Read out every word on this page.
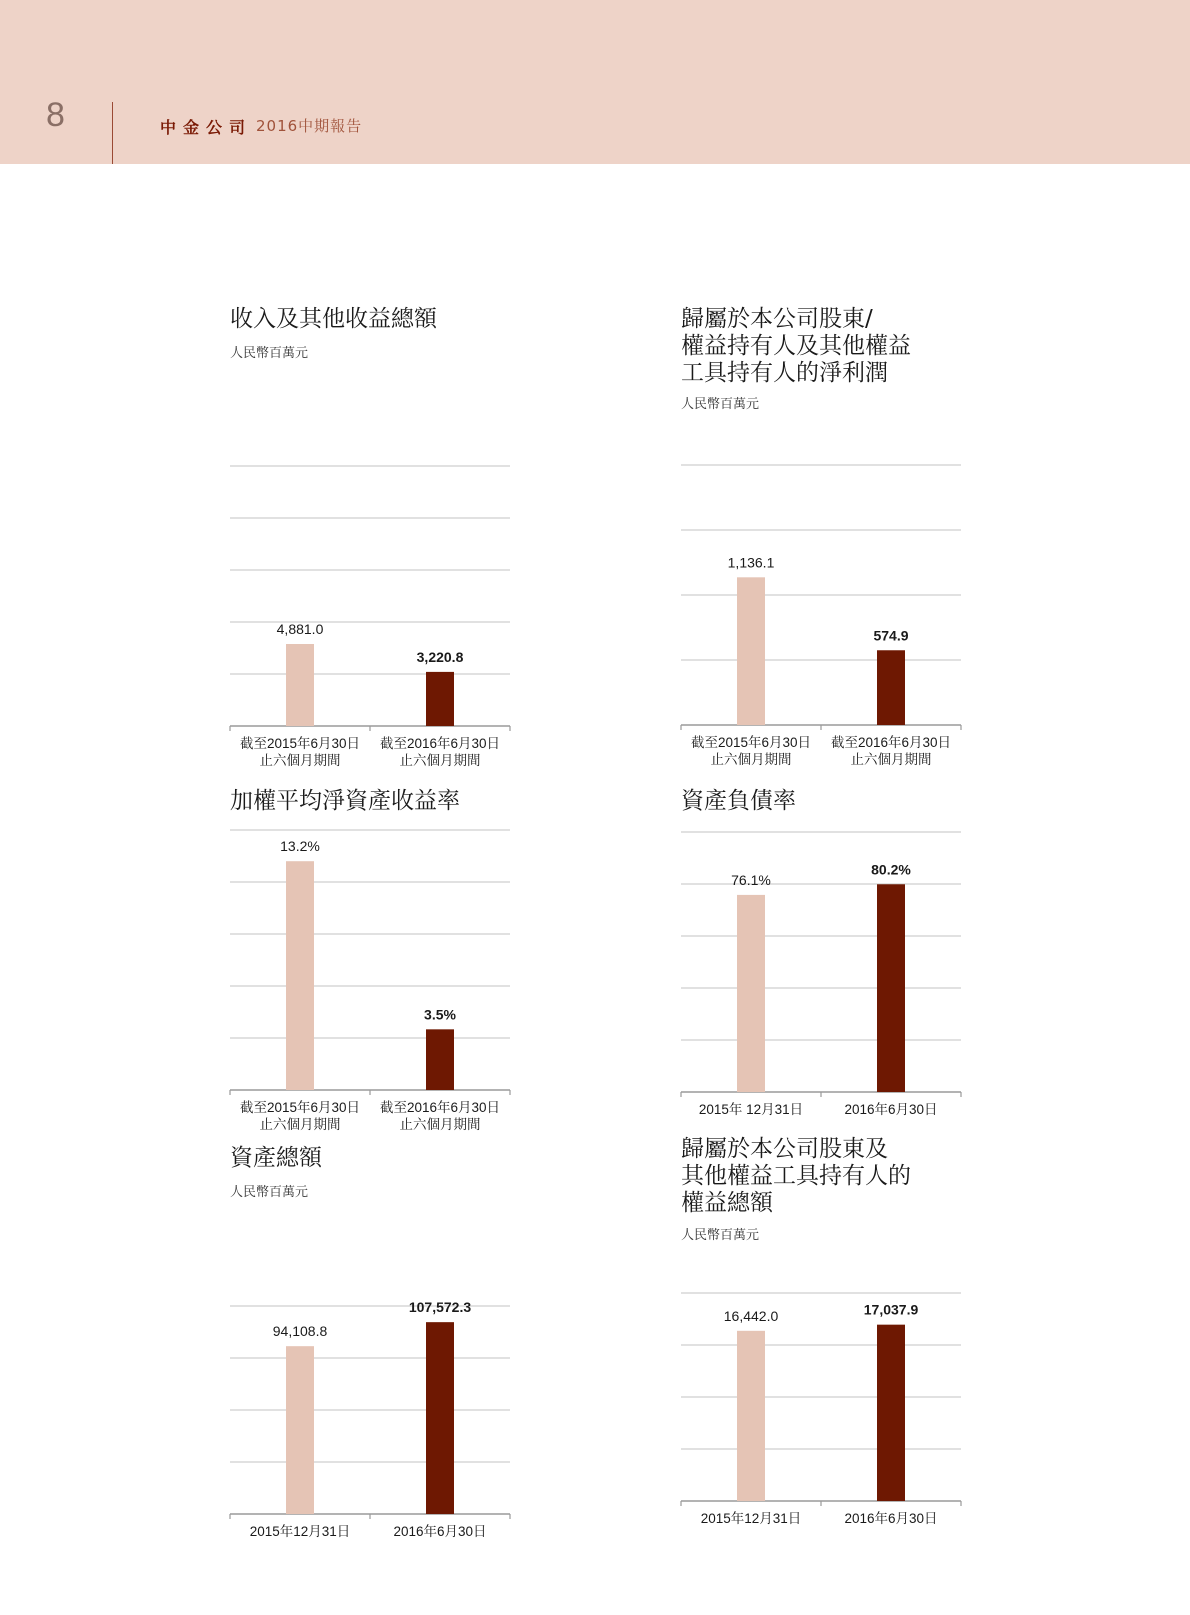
8	中金公司 2016中期報告
收入及其他收益總額
人民幣百萬元
4,881.0
截至2015年6月30日止六個月期間
3,220.8
截至2016年6月30日止六個月期間
歸屬於本公司股東/
權益持有人及其他權益
工具持有人的淨利潤
人民幣百萬元
1,136.1
截至2015年6月30日止六個月期間
574.9
截至2016年6月30日止六個月期間
加權平均淨資產收益率
13.2%
截至2015年6月30日止六個月期間
3.5%
截至2016年6月30日止六個月期間
資產負債率
76.1%
2015年 12月31日
80.2%
2016年6月30日
資產總額
人民幣百萬元
94,108.8
2015年12月31日
107,572.3
2016年6月30日
歸屬於本公司股東及
其他權益工具持有人的
權益總額
人民幣百萬元
16,442.0
2015年12月31日
17,037.9
2016年6月30日
